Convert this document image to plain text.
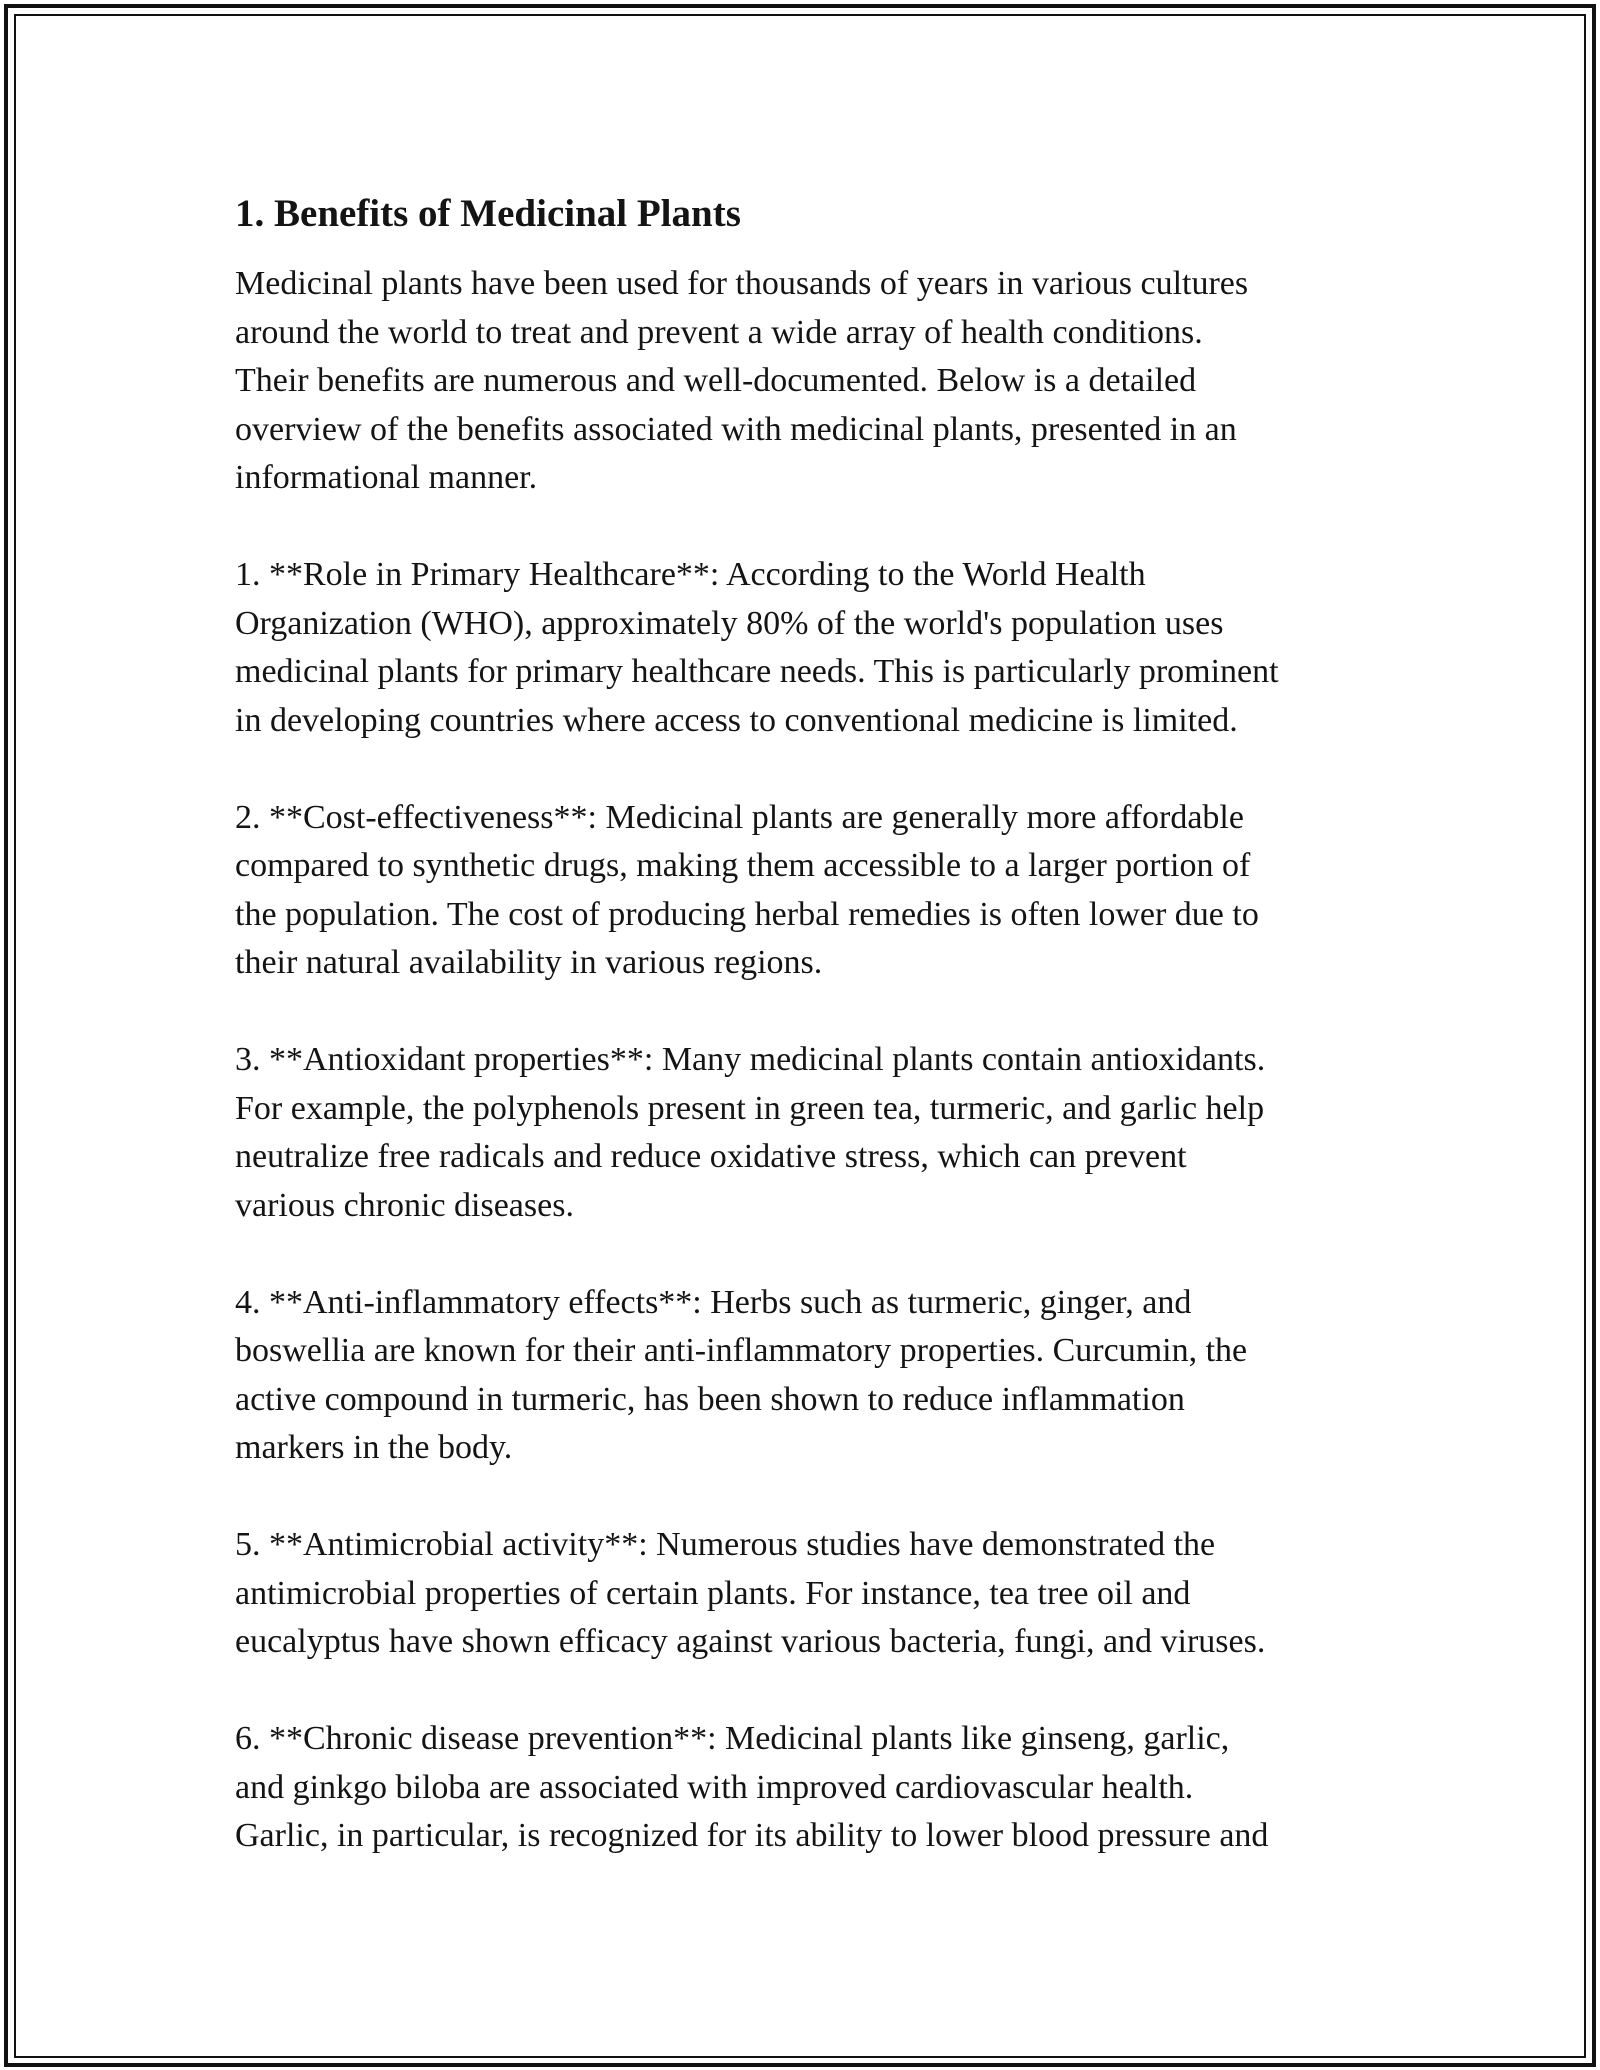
1. Benefits of Medicinal Plants

Medicinal plants have been used for thousands of years in various cultures
around the world to treat and prevent a wide array of health conditions.
Their benefits are numerous and well-documented. Below is a detailed
overview of the benefits associated with medicinal plants, presented in an
informational manner.

1. **Role in Primary Healthcare**: According to the World Health
Organization (WHO), approximately 80% of the world's population uses
medicinal plants for primary healthcare needs. This is particularly prominent
in developing countries where access to conventional medicine is limited.

2. **Cost-effectiveness**: Medicinal plants are generally more affordable
compared to synthetic drugs, making them accessible to a larger portion of
the population. The cost of producing herbal remedies is often lower due to
their natural availability in various regions.

3. **Antioxidant properties**: Many medicinal plants contain antioxidants.
For example, the polyphenols present in green tea, turmeric, and garlic help
neutralize free radicals and reduce oxidative stress, which can prevent
various chronic diseases.

4. **Anti-inflammatory effects**: Herbs such as turmeric, ginger, and
boswellia are known for their anti-inflammatory properties. Curcumin, the
active compound in turmeric, has been shown to reduce inflammation
markers in the body.

5. **Antimicrobial activity**: Numerous studies have demonstrated the
antimicrobial properties of certain plants. For instance, tea tree oil and
eucalyptus have shown efficacy against various bacteria, fungi, and viruses.

6. **Chronic disease prevention**: Medicinal plants like ginseng, garlic,
and ginkgo biloba are associated with improved cardiovascular health.
Garlic, in particular, is recognized for its ability to lower blood pressure and
